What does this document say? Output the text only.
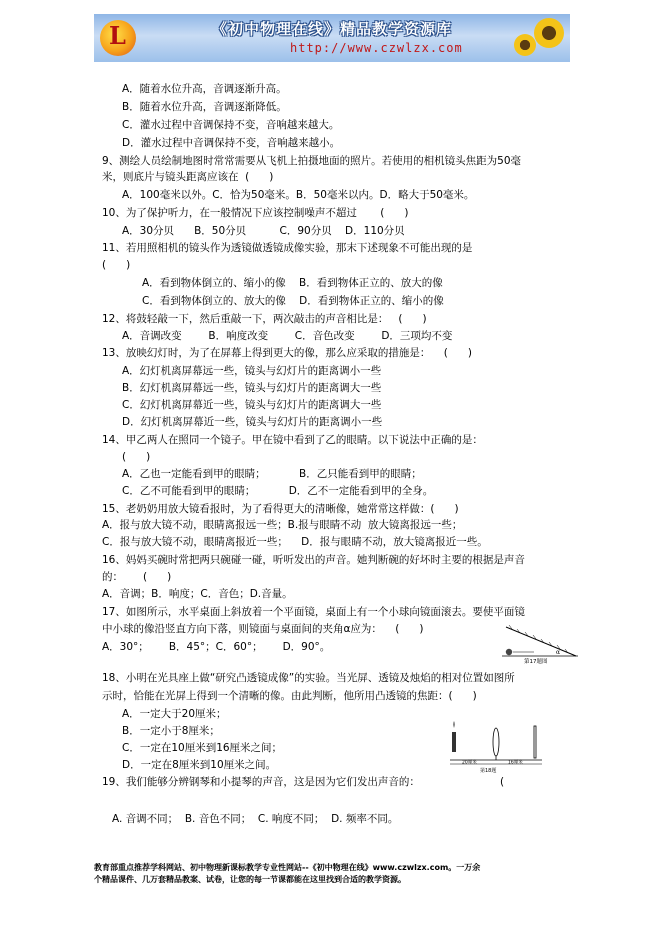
L	《初中物理在线》精品教学资源库
http://www.czwlzx.com
A．随着水位升高，音调逐渐升高。
B．随着水位升高，音调逐渐降低。
C．灌水过程中音调保持不变，音响越来越大。
D．灌水过程中音调保持不变，音响越来越小。
9、测绘人员绘制地图时常常需要从飞机上拍摄地面的照片。若使用的相机镜头焦距为50毫
米，则底片与镜头距离应该在  (      )
A．100毫米以外。C．恰为50毫米。B．50毫米以内。D．略大于50毫米。
10、为了保护听力，在一般情况下应该控制噪声不超过       (      )
A．30分贝      B．50分贝          C．90分贝    D．110分贝
11、若用照相机的镜头作为透镜做透镜成像实验，那末下述现象不可能出现的是
(      )
A．看到物体倒立的、缩小的像    B．看到物体正立的、放大的像
C．看到物体倒立的、放大的像    D．看到物体正立的、缩小的像
12、将鼓轻敲一下，然后重敲一下，两次敲击的声音相比是：   (      )
A．音调改变        B．响度改变        C．音色改变        D．三项均不变
13、放映幻灯时，为了在屏幕上得到更大的像，那么应采取的措施是：    (      )
A．幻灯机离屏幕远一些，镜头与幻灯片的距离调小一些
B．幻灯机离屏幕远一些，镜头与幻灯片的距离调大一些
C．幻灯机离屏幕近一些，镜头与幻灯片的距离调大一些
D．幻灯机离屏幕近一些，镜头与幻灯片的距离调小一些
14、甲乙两人在照同一个镜子。甲在镜中看到了乙的眼睛。以下说法中正确的是：
(      )
A．乙也一定能看到甲的眼睛；          B．乙只能看到甲的眼睛；
C．乙不可能看到甲的眼睛；          D．乙不一定能看到甲的全身。
15、老奶奶用放大镜看报时，为了看得更大的清晰像，她常常这样做：(      )
A．报与放大镜不动，眼睛离报远一些；B.报与眼睛不动  放大镜离报远一些；
C．报与放大镜不动，眼睛离报近一些；    D．报与眼睛不动，放大镜离报近一些。
16、妈妈买碗时常把两只碗碰一碰，听听发出的声音。她判断碗的好坏时主要的根据是声音
的：      (      )
A．音调；B．响度；C．音色；D.音量。
17、如图所示，水平桌面上斜放着一个平面镜，桌面上有一个小球向镜面滚去。要使平面镜
中小球的像沿竖直方向下落，则镜面与桌面间的夹角α应为：    (      )
A．30°；      B．45°；C．60°；      D．90°。
18、小明在光具座上做“研究凸透镜成像”的实验。当光屏、透镜及烛焰的相对位置如图所
示时，恰能在光屏上得到一个清晰的像。由此判断，他所用凸透镜的焦距：(      )
A．一定大于20厘米；
B．一定小于8厘米；
C．一定在10厘米到16厘米之间；
D．一定在8厘米到10厘米之间。
19、我们能够分辨钢琴和小提琴的声音，这是因为它们发出声音的：                        (
A. 音调不同；  B. 音色不同；  C. 响度不同；  D. 频率不同。
α
第17题图
20厘米	16厘米
第18题
教育部重点推荐学科网站、初中物理新课标教学专业性网站--《初中物理在线》www.czwlzx.com。一万余
个精品课件、几万套精品教案、试卷，让您的每一节课都能在这里找到合适的教学资源。
